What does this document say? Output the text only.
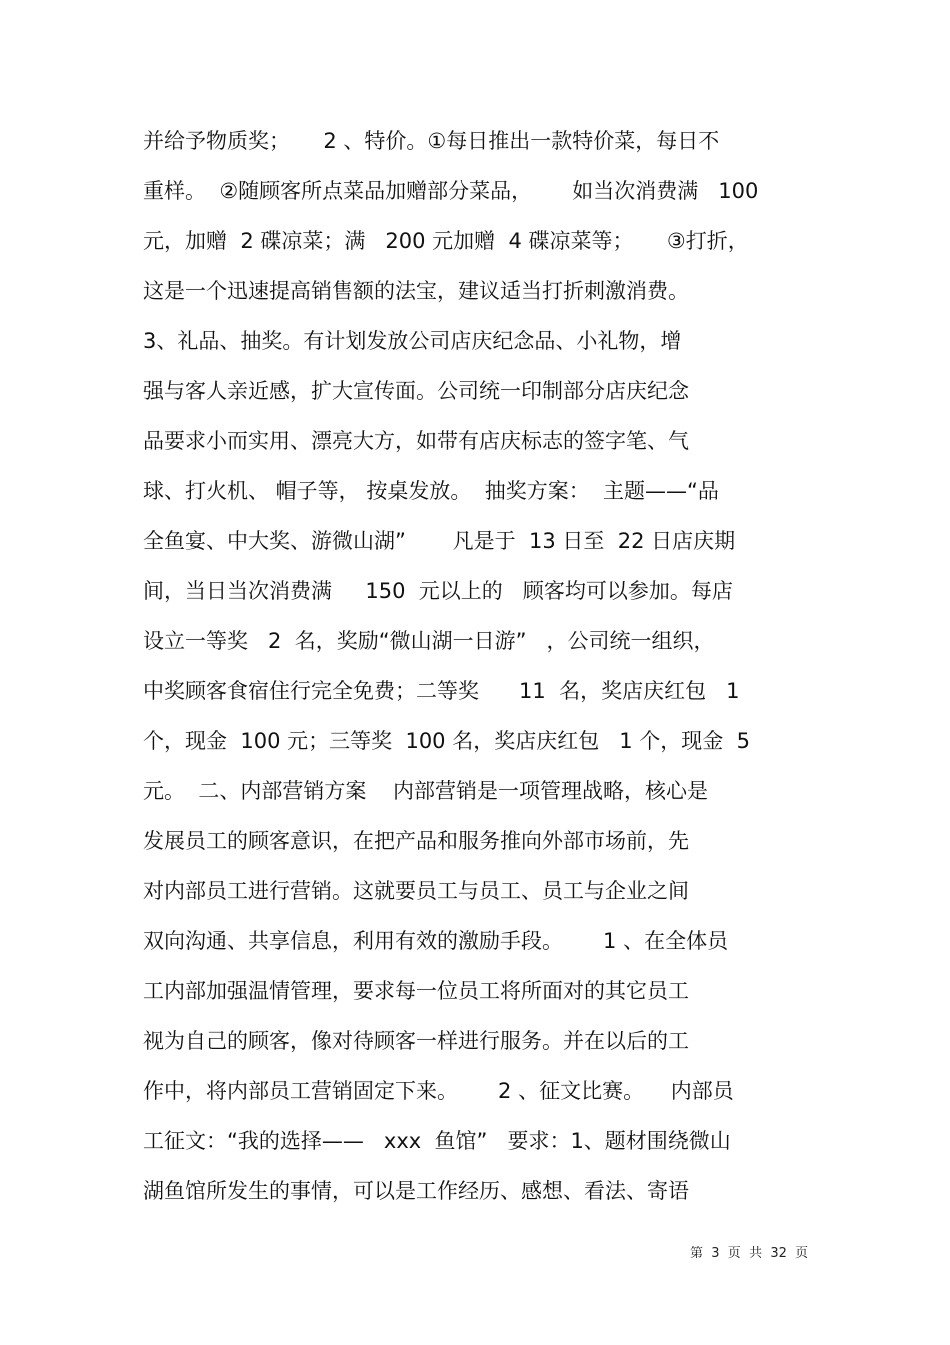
并给予物质奖；     2 、特价。①每日推出一款特价菜，每日不
重样。  ②随顾客所点菜品加赠部分菜品，      如当次消费满   100
元，加赠  2 碟凉菜；满   200 元加赠  4 碟凉菜等；     ③打折，
这是一个迅速提高销售额的法宝，建议适当打折刺激消费。
3、礼品、抽奖。有计划发放公司店庆纪念品、小礼物，增
强与客人亲近感，扩大宣传面。公司统一印制部分店庆纪念
品要求小而实用、漂亮大方，如带有店庆标志的签字笔、气
球、打火机、 帽子等， 按桌发放。  抽奖方案：  主题——“品
全鱼宴、中大奖、游微山湖”       凡是于  13 日至  22 日店庆期
间，当日当次消费满     150  元以上的   顾客均可以参加。每店
设立一等奖   2  名，奖励“微山湖一日游”   ，公司统一组织，
中奖顾客食宿住行完全免费；二等奖      11  名，奖店庆红包   1
个，现金  100 元；三等奖  100 名，奖店庆红包   1 个，现金  5
元。  二、内部营销方案    内部营销是一项管理战略，核心是
发展员工的顾客意识，在把产品和服务推向外部市场前，先
对内部员工进行营销。这就要员工与员工、员工与企业之间
双向沟通、共享信息，利用有效的激励手段。      1 、在全体员
工内部加强温情管理，要求每一位员工将所面对的其它员工
视为自己的顾客，像对待顾客一样进行服务。并在以后的工
作中，将内部员工营销固定下来。      2 、征文比赛。    内部员
工征文：“我的选择——   xxx  鱼馆”   要求：1、题材围绕微山
湖鱼馆所发生的事情，可以是工作经历、感想、看法、寄语
第  3  页  共  32  页
